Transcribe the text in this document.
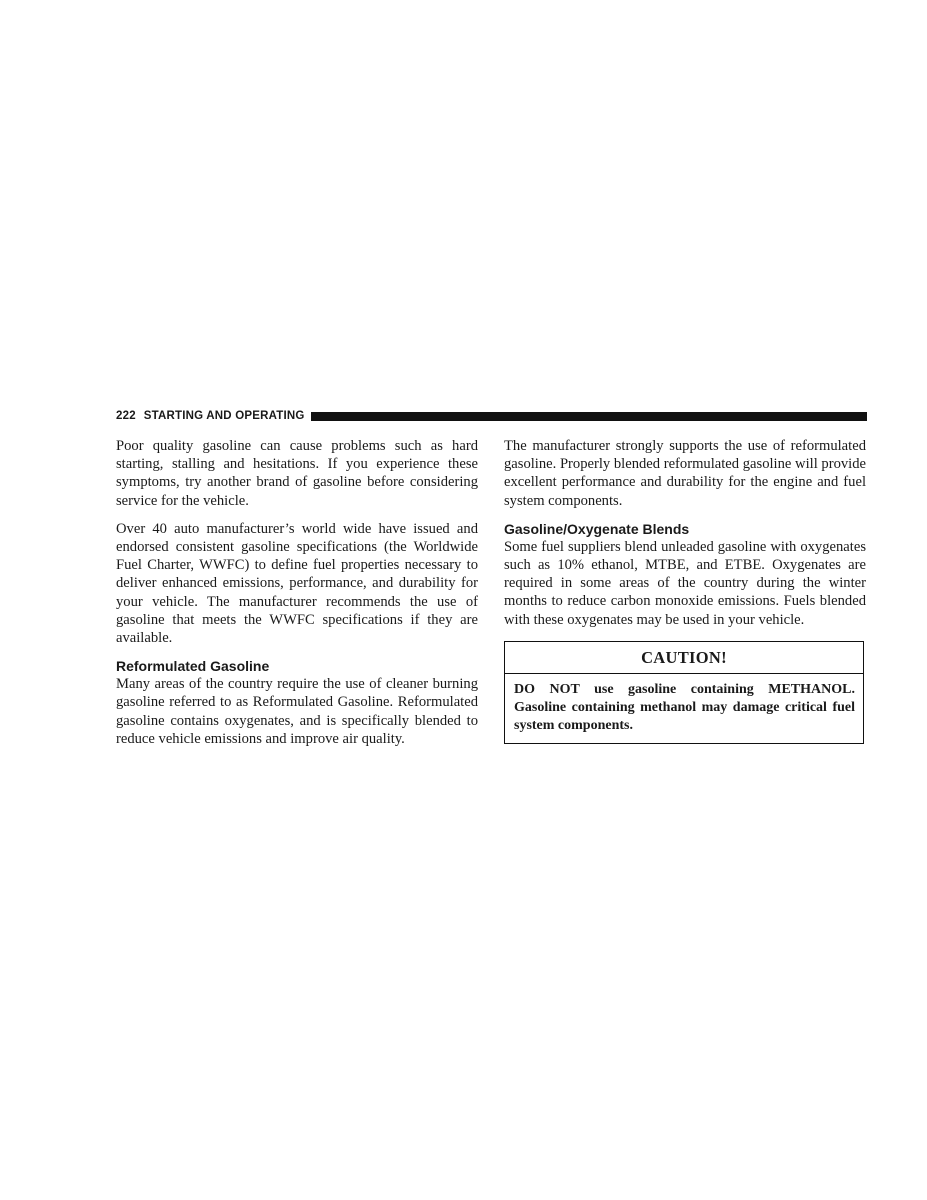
222 STARTING AND OPERATING

Poor quality gasoline can cause problems such as hard starting, stalling and hesitations. If you experience these symptoms, try another brand of gasoline before considering service for the vehicle.

Over 40 auto manufacturer’s world wide have issued and endorsed consistent gasoline specifications (the Worldwide Fuel Charter, WWFC) to define fuel properties necessary to deliver enhanced emissions, performance, and durability for your vehicle. The manufacturer recommends the use of gasoline that meets the WWFC specifications if they are available.

Reformulated Gasoline

Many areas of the country require the use of cleaner burning gasoline referred to as Reformulated Gasoline. Reformulated gasoline contains oxygenates, and is specifically blended to reduce vehicle emissions and improve air quality.

The manufacturer strongly supports the use of reformulated gasoline. Properly blended reformulated gasoline will provide excellent performance and durability for the engine and fuel system components.

Gasoline/Oxygenate Blends

Some fuel suppliers blend unleaded gasoline with oxygenates such as 10% ethanol, MTBE, and ETBE. Oxygenates are required in some areas of the country during the winter months to reduce carbon monoxide emissions. Fuels blended with these oxygenates may be used in your vehicle.

CAUTION!
DO NOT use gasoline containing METHANOL. Gasoline containing methanol may damage critical fuel system components.
